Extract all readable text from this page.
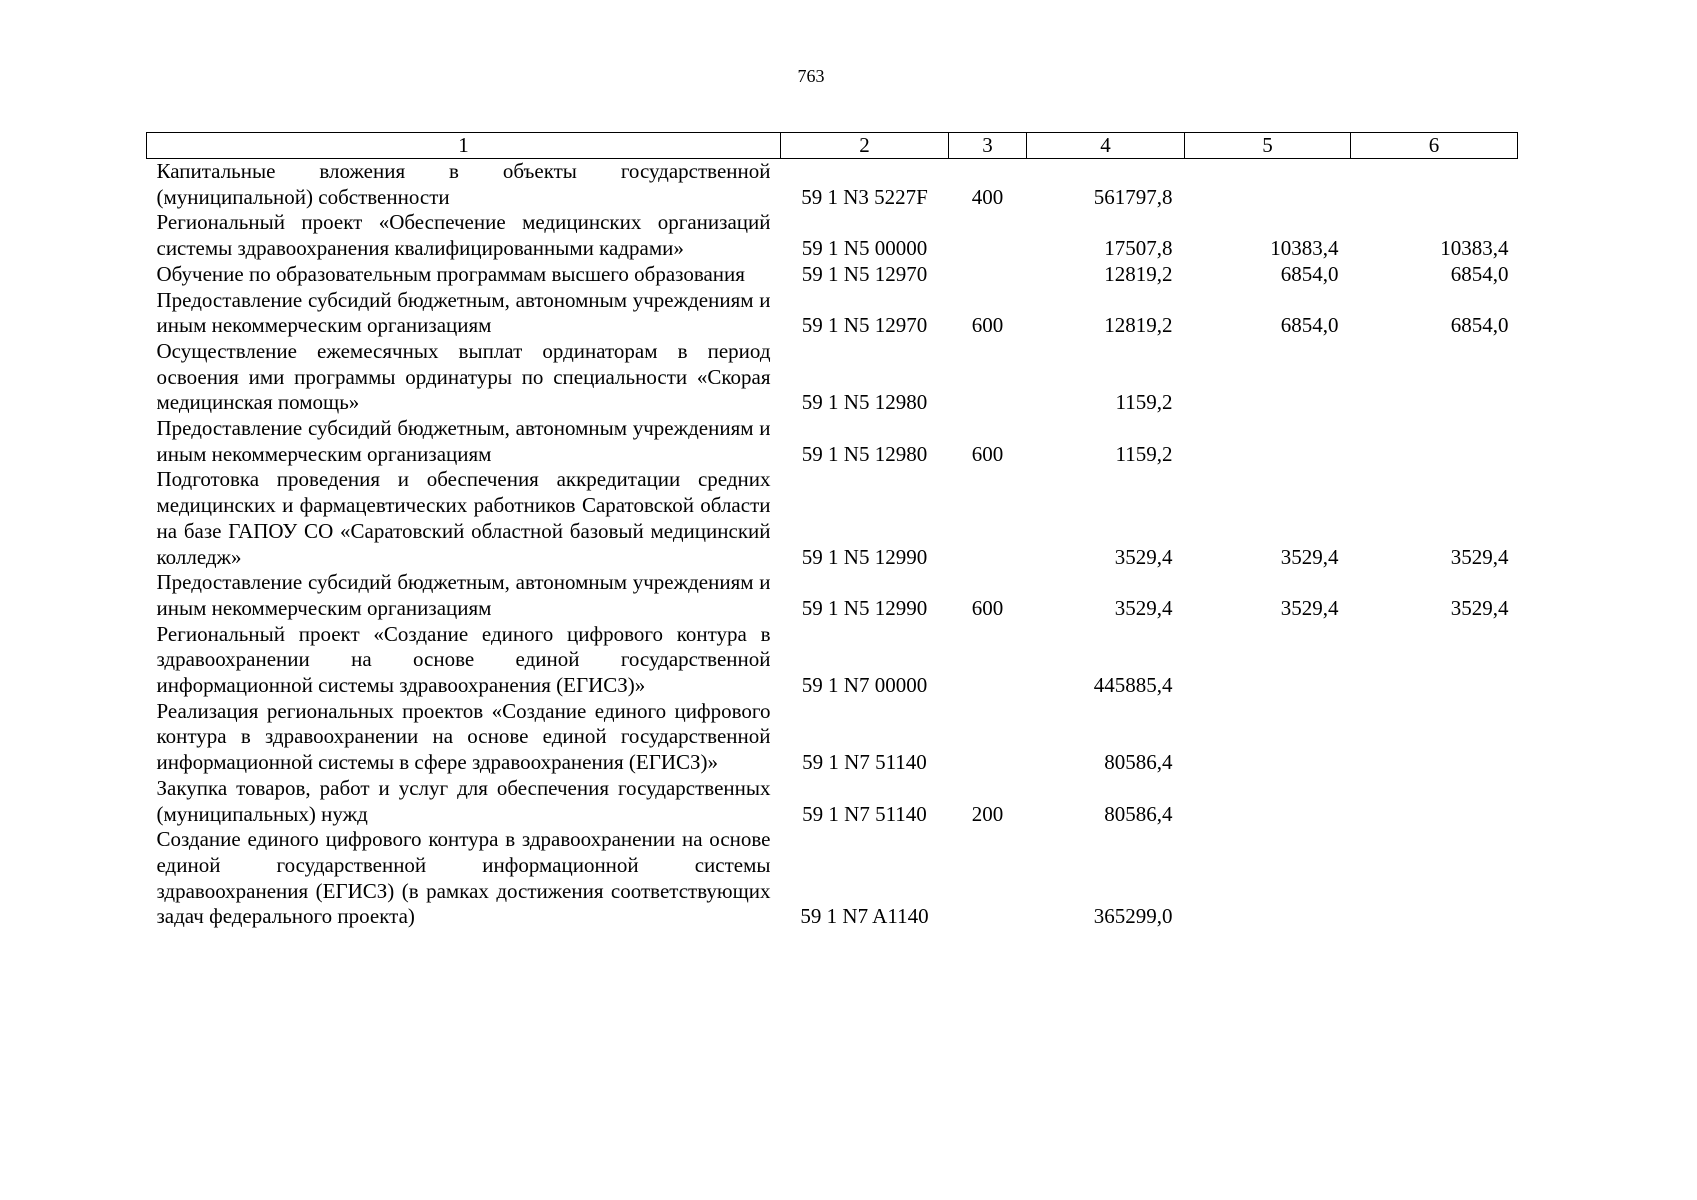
763
1	2	3	4	5	6
Капитальные вложения в объекты государственной (муниципальной) собственности	59 1 N3 5227F	400	561797,8		
Региональный проект «Обеспечение медицинских организаций системы здравоохранения квалифицированными кадрами»	59 1 N5 00000		17507,8	10383,4	10383,4
Обучение по образовательным программам высшего образования	59 1 N5 12970		12819,2	6854,0	6854,0
Предоставление субсидий бюджетным, автономным учреждениям и иным некоммерческим организациям	59 1 N5 12970	600	12819,2	6854,0	6854,0
Осуществление ежемесячных выплат ординаторам в период освоения ими программы ординатуры по специальности «Скорая медицинская помощь»	59 1 N5 12980		1159,2		
Предоставление субсидий бюджетным, автономным учреждениям и иным некоммерческим организациям	59 1 N5 12980	600	1159,2		
Подготовка проведения и обеспечения аккредитации средних медицинских и фармацевтических работников Саратовской области на базе ГАПОУ СО «Саратовский областной базовый медицинский колледж»	59 1 N5 12990		3529,4	3529,4	3529,4
Предоставление субсидий бюджетным, автономным учреждениям и иным некоммерческим организациям	59 1 N5 12990	600	3529,4	3529,4	3529,4
Региональный проект «Создание единого цифрового контура в здравоохранении на основе единой государственной информационной системы здравоохранения (ЕГИСЗ)»	59 1 N7 00000		445885,4		
Реализация региональных проектов «Создание единого цифрового контура в здравоохранении на основе единой государственной информационной системы в сфере здравоохранения (ЕГИСЗ)»	59 1 N7 51140		80586,4		
Закупка товаров, работ и услуг для обеспечения государственных (муниципальных) нужд	59 1 N7 51140	200	80586,4		
Создание единого цифрового контура в здравоохранении на основе единой государственной информационной системы здравоохранения (ЕГИСЗ) (в рамках достижения соответствующих задач федерального проекта)	59 1 N7 A1140		365299,0		
